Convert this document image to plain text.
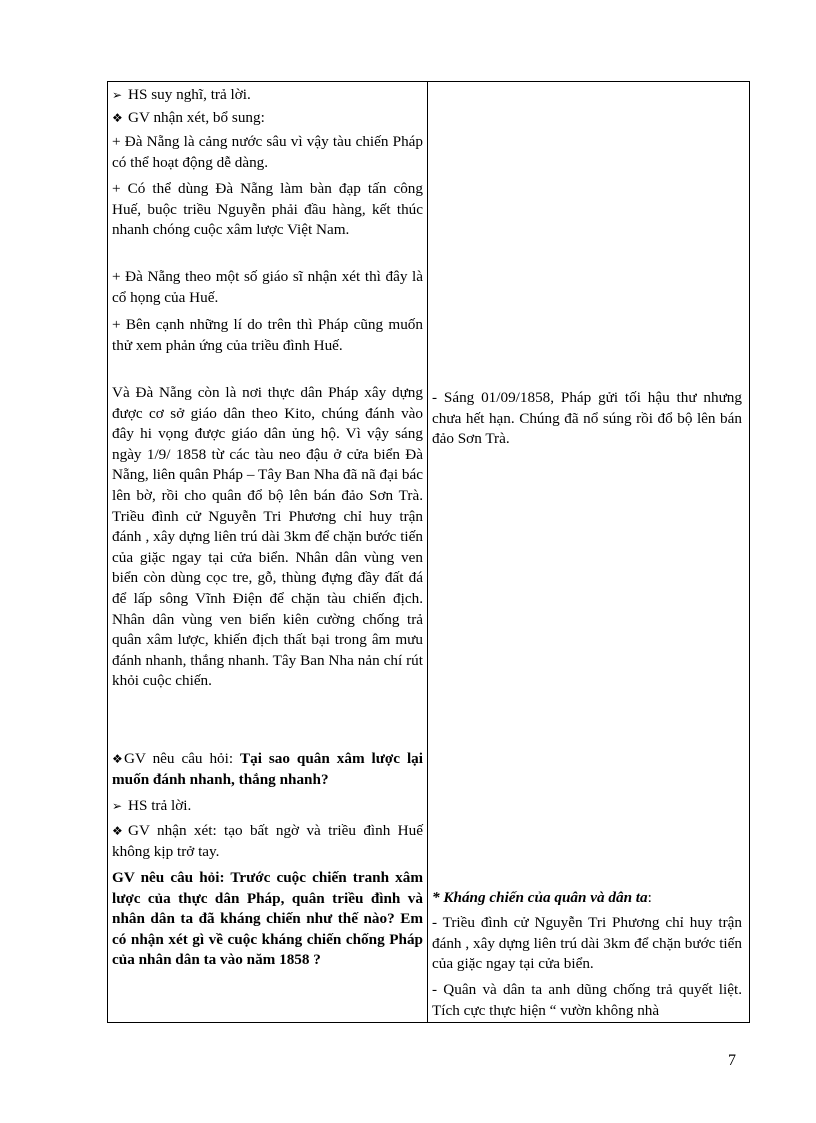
➢ HS suy nghĩ, trả lời.

❖ GV nhận xét, bổ sung:

+ Đà Nẵng là cảng nước sâu vì vậy tàu chiến Pháp có thể hoạt động dễ dàng.

+ Có thể dùng Đà Nẵng làm bàn đạp tấn công Huế, buộc triều Nguyễn phải đầu hàng, kết thúc nhanh chóng cuộc xâm lược Việt Nam.

+ Đà Nẵng theo một số giáo sĩ nhận xét thì đây là cổ họng của Huế.

+ Bên cạnh những lí do trên thì Pháp cũng muốn thử xem phản ứng của triều đình Huế.

Và Đà Nẵng còn là nơi thực dân Pháp xây dựng được cơ sở giáo dân theo Kito, chúng đánh vào đây hi vọng được giáo dân ủng hộ. Vì vậy sáng ngày 1/9/ 1858 từ các tàu neo đậu ở cửa biển Đà Nẵng, liên quân Pháp – Tây Ban Nha đã nã đại bác lên bờ, rồi cho quân đổ bộ lên bán đảo Sơn Trà. Triều đình cử Nguyễn Tri Phương chỉ huy trận đánh , xây dựng liên trú dài 3km để chặn bước tiến của giặc ngay tại cửa biển. Nhân dân vùng ven biển còn dùng cọc tre, gỗ, thùng đựng đầy đất đá để lấp sông Vĩnh Điện để chặn tàu chiến địch. Nhân dân vùng ven biển kiên cường chống trả quân xâm lược, khiến địch thất bại trong âm mưu đánh nhanh, thắng nhanh. Tây Ban Nha nản chí rút khỏi cuộc chiến.

❖GV nêu câu hỏi: Tại sao quân xâm lược lại muốn đánh nhanh, thắng nhanh?

➢ HS trả lời.

❖ GV nhận xét: tạo bất ngờ và triều đình Huế không kịp trở tay.

GV nêu câu hỏi: Trước cuộc chiến tranh xâm lược của thực dân Pháp, quân triều đình và nhân dân ta đã kháng chiến như thế nào? Em có nhận xét gì về cuộc kháng chiến chống Pháp của nhân dân ta vào năm 1858 ?

- Sáng 01/09/1858, Pháp gửi tối hậu thư nhưng chưa hết hạn. Chúng đã nổ súng rồi đổ bộ lên bán đảo Sơn Trà.

* Kháng chiến của quân và dân ta:

- Triều đình cử Nguyễn Tri Phương chỉ huy trận đánh , xây dựng liên trú dài 3km để chặn bước tiến của giặc ngay tại cửa biển.

- Quân và dân ta anh dũng chống trả quyết liệt. Tích cực thực hiện “ vườn không nhà

7
